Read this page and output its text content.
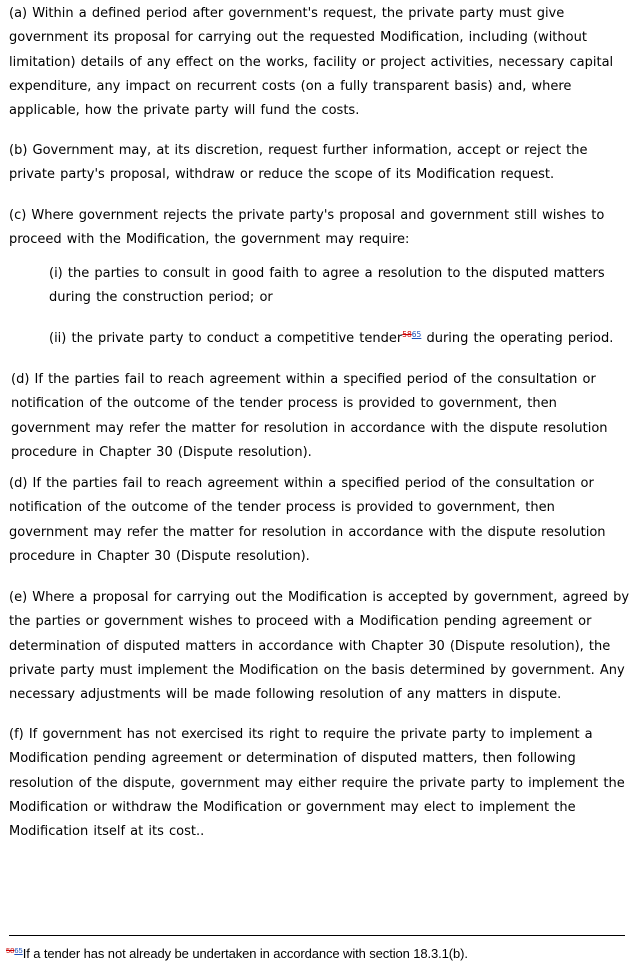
(a) Within a defined period after government's request, the private party must give government its proposal for carrying out the requested Modification, including (without limitation) details of any effect on the works, facility or project activities, necessary capital expenditure, any impact on recurrent costs (on a fully transparent basis) and, where applicable, how the private party will fund the costs.

(b) Government may, at its discretion, request further information, accept or reject the private party's proposal, withdraw or reduce the scope of its Modification request.

(c) Where government rejects the private party's proposal and government still wishes to proceed with the Modification, the government may require:

(i) the parties to consult in good faith to agree a resolution to the disputed matters during the construction period; or

(ii) the private party to conduct a competitive tender$^{5865}$ during the operating period.

(d) If the parties fail to reach agreement within a specified period of the consultation or notification of the outcome of the tender process is provided to government, then government may refer the matter for resolution in accordance with the dispute resolution procedure in Chapter 30 (Dispute resolution).

(d) If the parties fail to reach agreement within a specified period of the consultation or notification of the outcome of the tender process is provided to government, then government may refer the matter for resolution in accordance with the dispute resolution procedure in Chapter 30 (Dispute resolution).

(e) Where a proposal for carrying out the Modification is accepted by government, agreed by the parties or government wishes to proceed with a Modification pending agreement or determination of disputed matters in accordance with Chapter 30 (Dispute resolution), the private party must implement the Modification on the basis determined by government. Any necessary adjustments will be made following resolution of any matters in dispute.

(f) If government has not exercised its right to require the private party to implement a Modification pending agreement or determination of disputed matters, then following resolution of the dispute, government may either require the private party to implement the Modification or withdraw the Modification or government may elect to implement the Modification itself at its cost..

$^{5865}$If a tender has not already be undertaken in accordance with section 18.3.1(b).
